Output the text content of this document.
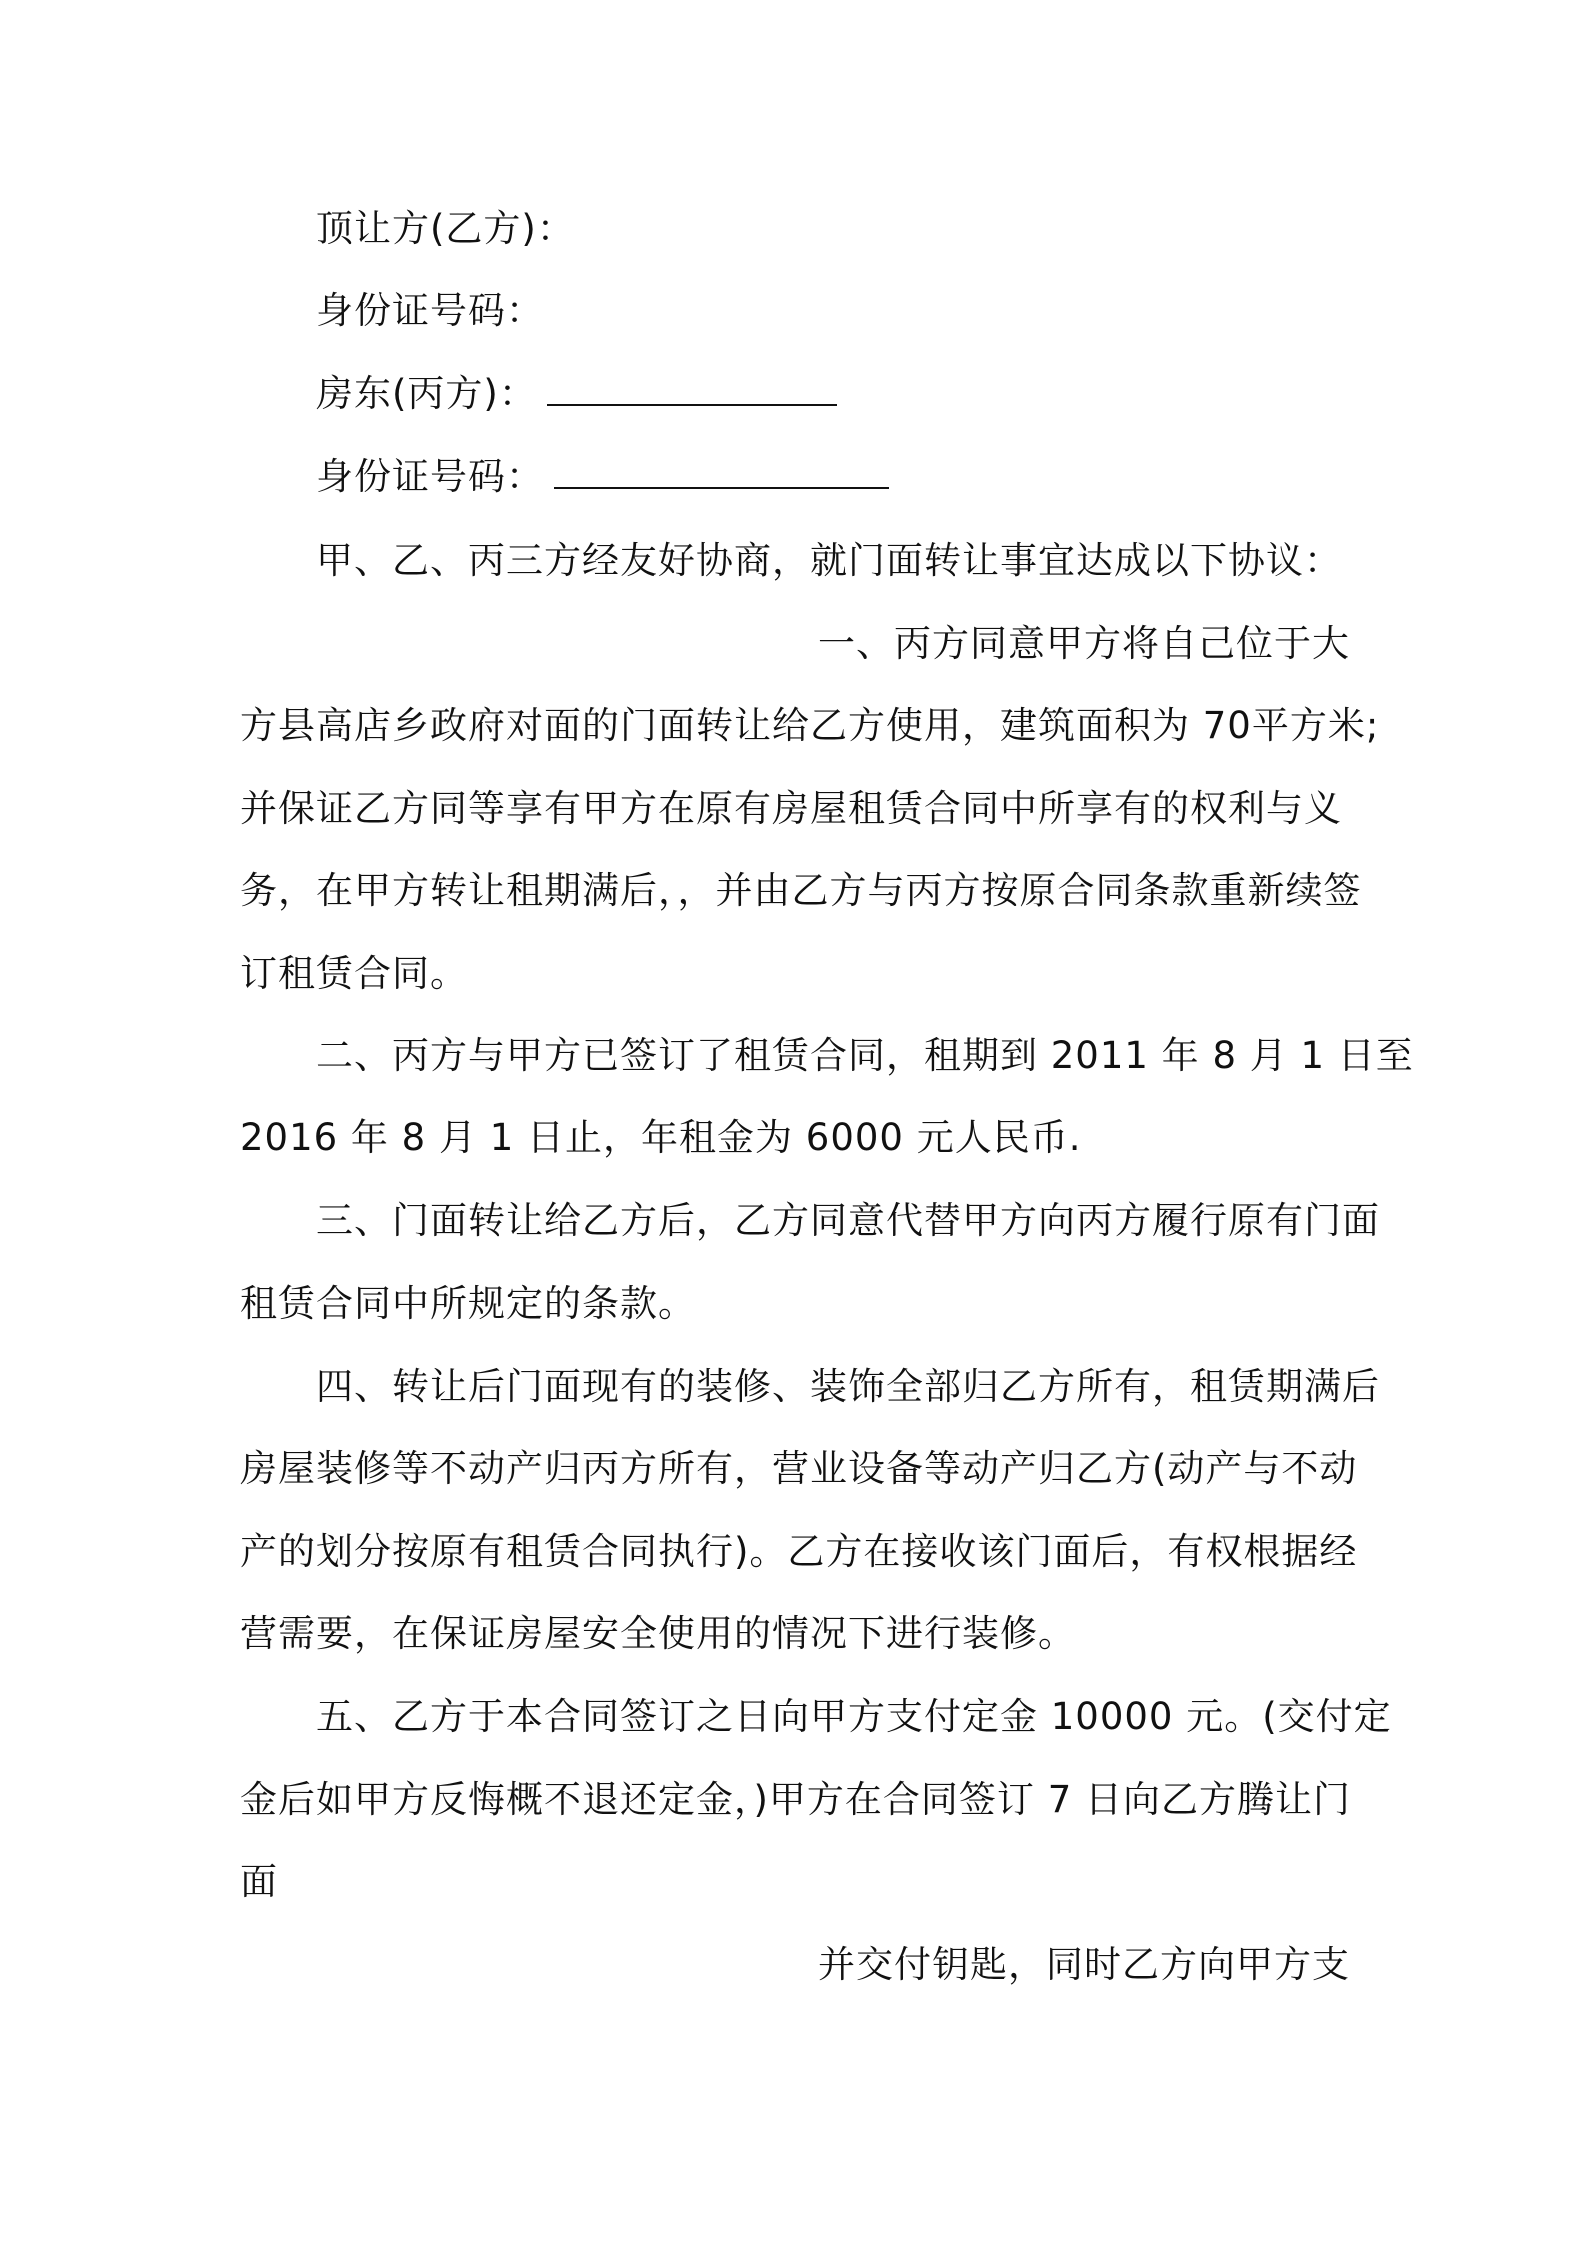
顶让方(乙方)：
身份证号码：
房东(丙方)：
身份证号码：
甲、乙、丙三方经友好协商，就门面转让事宜达成以下协议：
一、丙方同意甲方将自己位于大
方县高店乡政府对面的门面转让给乙方使用，建筑面积为 70平方米;
并保证乙方同等享有甲方在原有房屋租赁合同中所享有的权利与义
务，在甲方转让租期满后，，并由乙方与丙方按原合同条款重新续签
订租赁合同。
二、丙方与甲方已签订了租赁合同，租期到 2011 年 8 月 1 日至
2016 年 8 月 1 日止，年租金为 6000 元人民币.
三、门面转让给乙方后，乙方同意代替甲方向丙方履行原有门面
租赁合同中所规定的条款。
四、转让后门面现有的装修、装饰全部归乙方所有，租赁期满后
房屋装修等不动产归丙方所有，营业设备等动产归乙方(动产与不动
产的划分按原有租赁合同执行)。乙方在接收该门面后，有权根据经
营需要，在保证房屋安全使用的情况下进行装修。
五、乙方于本合同签订之日向甲方支付定金 10000 元。(交付定
金后如甲方反悔概不退还定金，)甲方在合同签订 7 日向乙方腾让门
面
并交付钥匙，同时乙方向甲方支
